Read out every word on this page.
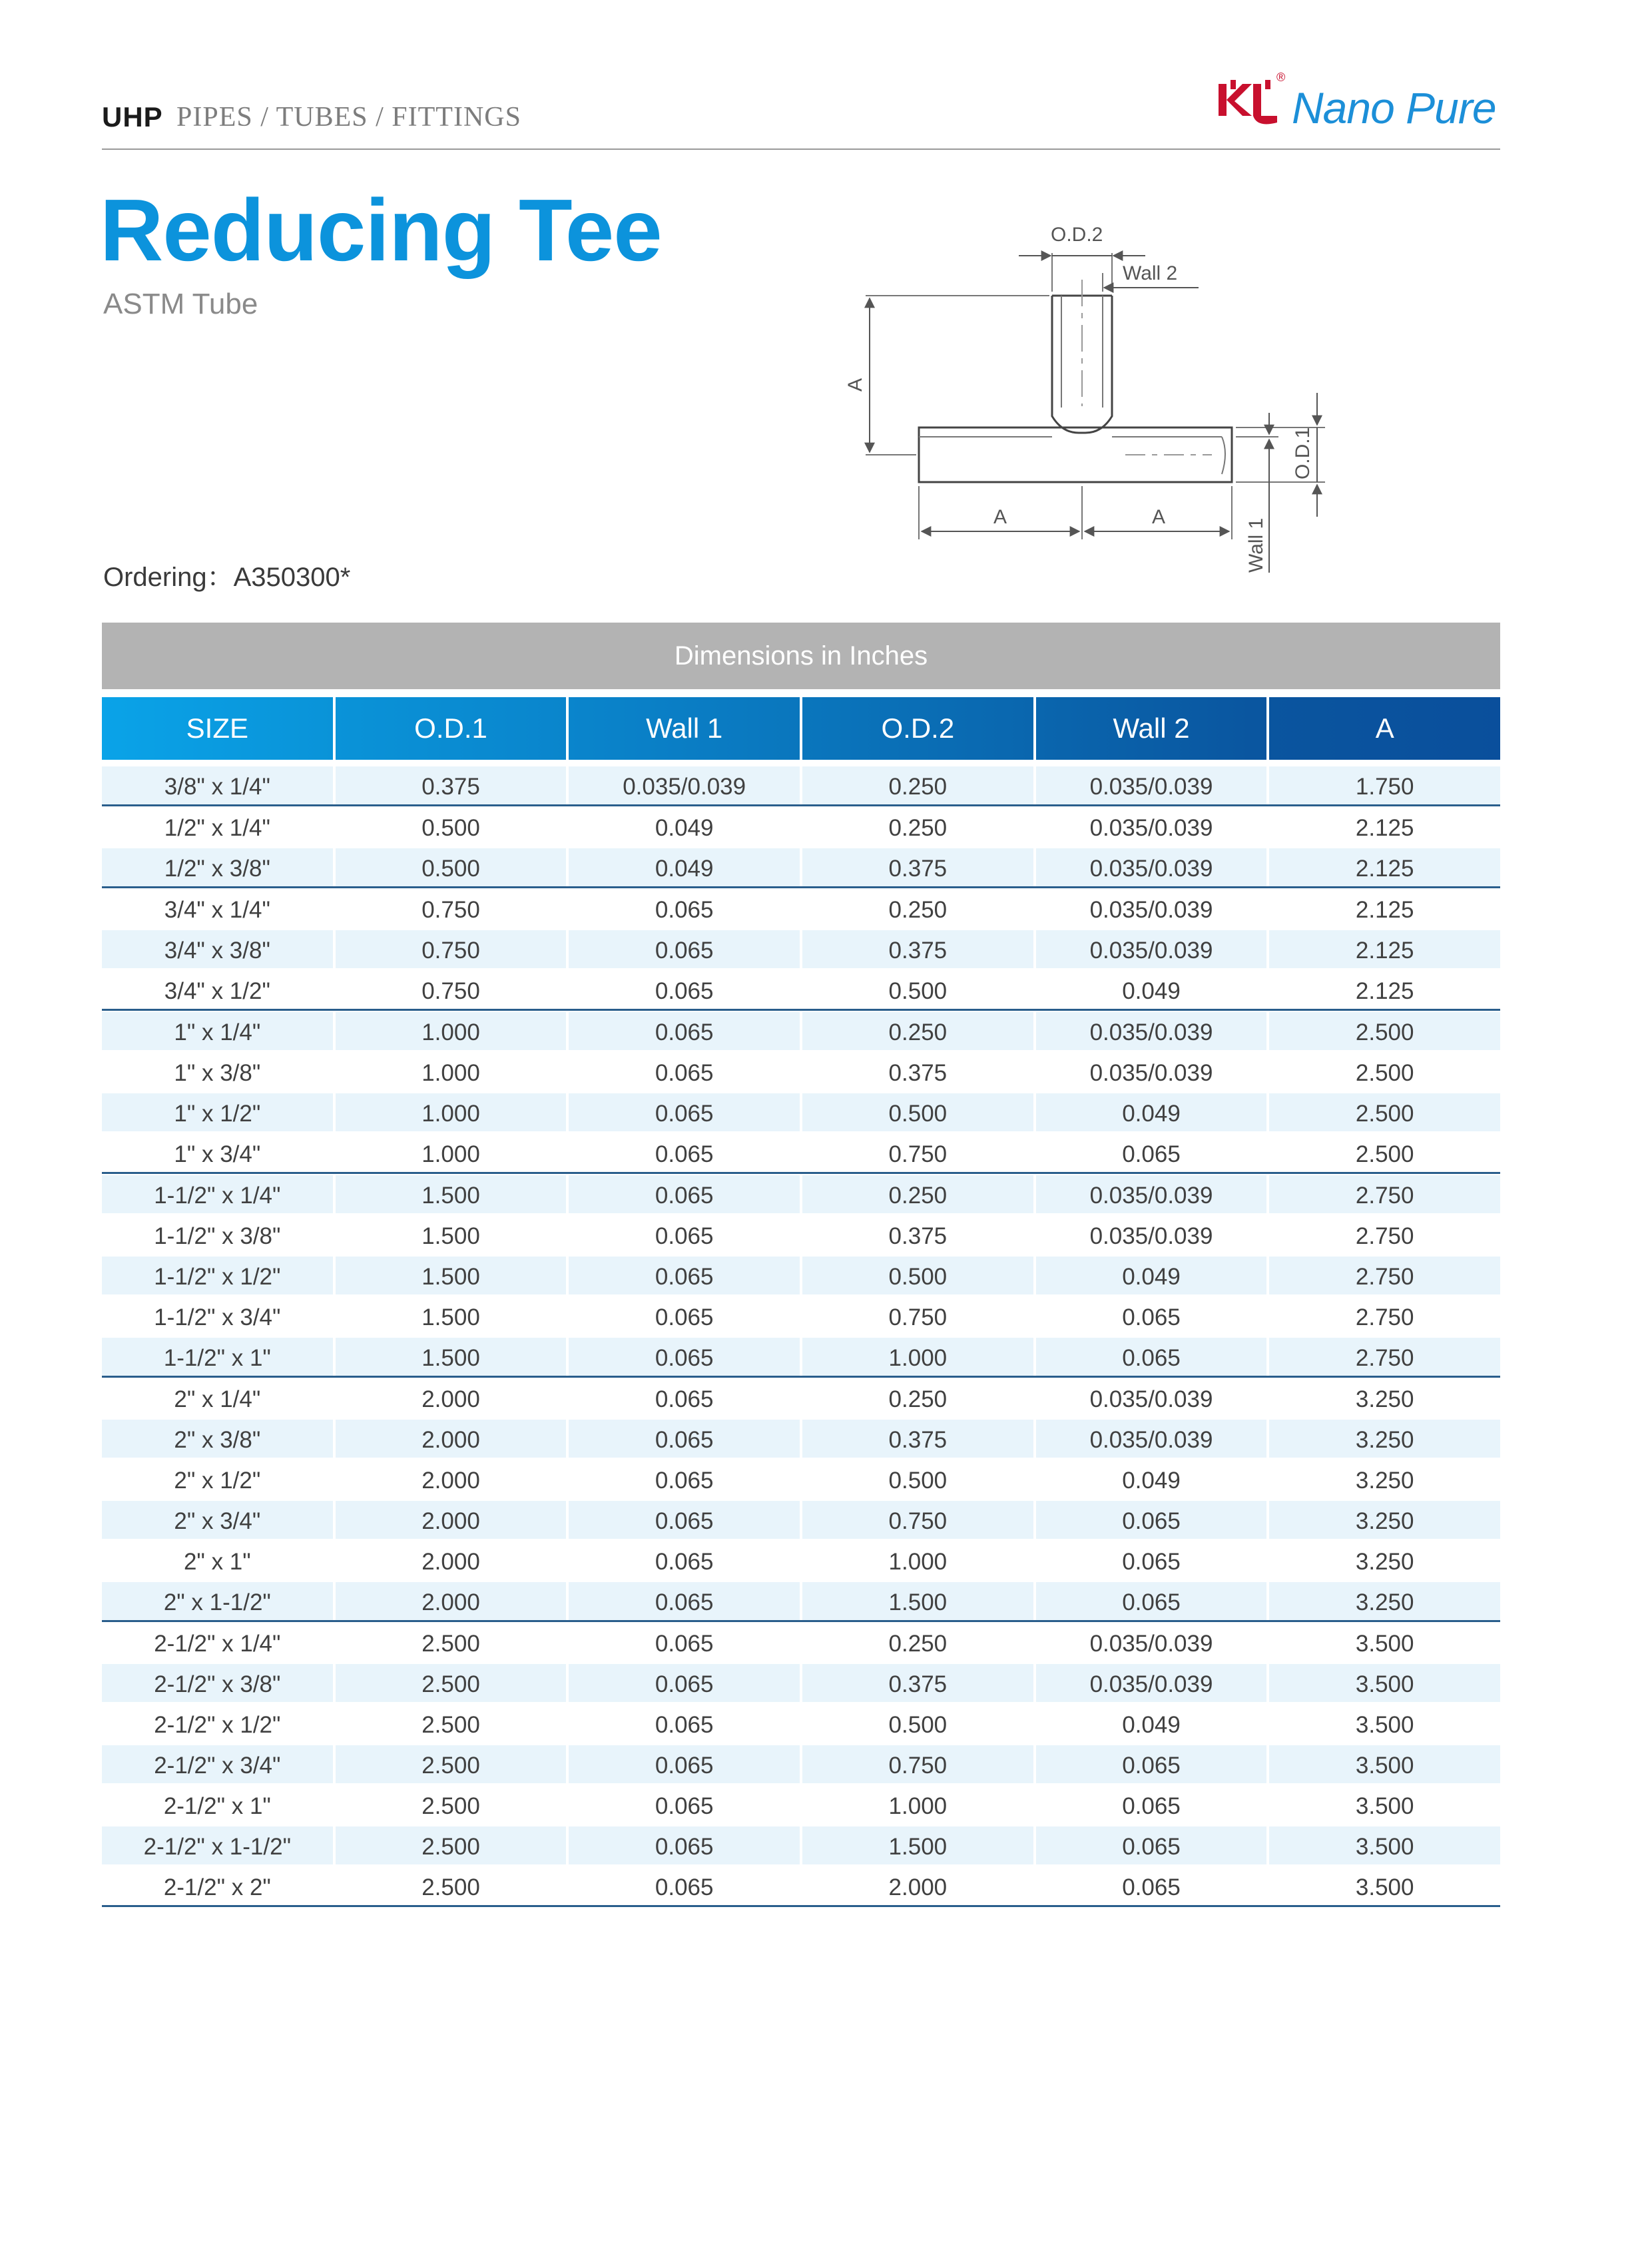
UHP PIPES / TUBES / FITTINGS
®
Nano Pure
Reducing Tee
ASTM Tube
Ordering：A350300*
O.D.2
Wall 2
A
A	A
O.D.1
Wall 1
Dimensions in Inches
SIZE	O.D.1	Wall 1	O.D.2	Wall 2	A
3/8" x 1/4"	0.375	0.035/0.039	0.250	0.035/0.039	1.750
1/2" x 1/4"	0.500	0.049	0.250	0.035/0.039	2.125
1/2" x 3/8"	0.500	0.049	0.375	0.035/0.039	2.125
3/4" x 1/4"	0.750	0.065	0.250	0.035/0.039	2.125
3/4" x 3/8"	0.750	0.065	0.375	0.035/0.039	2.125
3/4" x 1/2"	0.750	0.065	0.500	0.049	2.125
1" x 1/4"	1.000	0.065	0.250	0.035/0.039	2.500
1" x 3/8"	1.000	0.065	0.375	0.035/0.039	2.500
1" x 1/2"	1.000	0.065	0.500	0.049	2.500
1" x 3/4"	1.000	0.065	0.750	0.065	2.500
1-1/2" x 1/4"	1.500	0.065	0.250	0.035/0.039	2.750
1-1/2" x 3/8"	1.500	0.065	0.375	0.035/0.039	2.750
1-1/2" x 1/2"	1.500	0.065	0.500	0.049	2.750
1-1/2" x 3/4"	1.500	0.065	0.750	0.065	2.750
1-1/2" x 1"	1.500	0.065	1.000	0.065	2.750
2" x 1/4"	2.000	0.065	0.250	0.035/0.039	3.250
2" x 3/8"	2.000	0.065	0.375	0.035/0.039	3.250
2" x 1/2"	2.000	0.065	0.500	0.049	3.250
2" x 3/4"	2.000	0.065	0.750	0.065	3.250
2" x 1"	2.000	0.065	1.000	0.065	3.250
2" x 1-1/2"	2.000	0.065	1.500	0.065	3.250
2-1/2" x 1/4"	2.500	0.065	0.250	0.035/0.039	3.500
2-1/2" x 3/8"	2.500	0.065	0.375	0.035/0.039	3.500
2-1/2" x 1/2"	2.500	0.065	0.500	0.049	3.500
2-1/2" x 3/4"	2.500	0.065	0.750	0.065	3.500
2-1/2" x 1"	2.500	0.065	1.000	0.065	3.500
2-1/2" x 1-1/2"	2.500	0.065	1.500	0.065	3.500
2-1/2" x 2"	2.500	0.065	2.000	0.065	3.500
